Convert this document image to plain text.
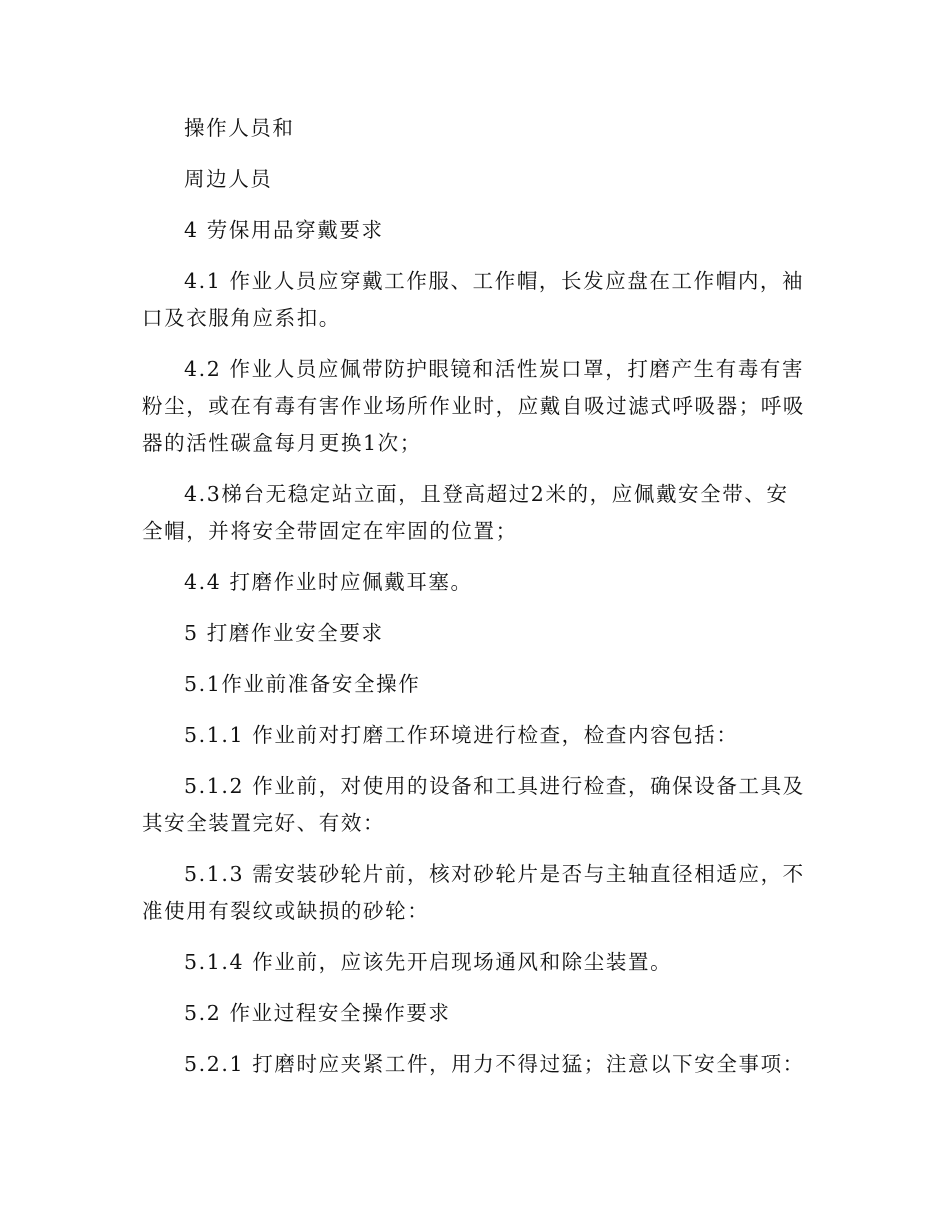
操作人员和

周边人员

4 劳保用品穿戴要求

4.1 作业人员应穿戴工作服、工作帽，长发应盘在工作帽内，袖口及衣服角应系扣。

4.2 作业人员应佩带防护眼镜和活性炭口罩，打磨产生有毒有害粉尘，或在有毒有害作业场所作业时，应戴自吸过滤式呼吸器；呼吸器的活性碳盒每月更换1次；

4.3梯台无稳定站立面，且登高超过2米的，应佩戴安全带、安全帽，并将安全带固定在牢固的位置；

4.4 打磨作业时应佩戴耳塞。

5 打磨作业安全要求

5.1作业前准备安全操作

5.1.1 作业前对打磨工作环境进行检查，检查内容包括：

5.1.2 作业前，对使用的设备和工具进行检查，确保设备工具及其安全装置完好、有效：

5.1.3 需安装砂轮片前，核对砂轮片是否与主轴直径相适应，不准使用有裂纹或缺损的砂轮：

5.1.4 作业前，应该先开启现场通风和除尘装置。

5.2 作业过程安全操作要求

5.2.1 打磨时应夹紧工件，用力不得过猛；注意以下安全事项：
